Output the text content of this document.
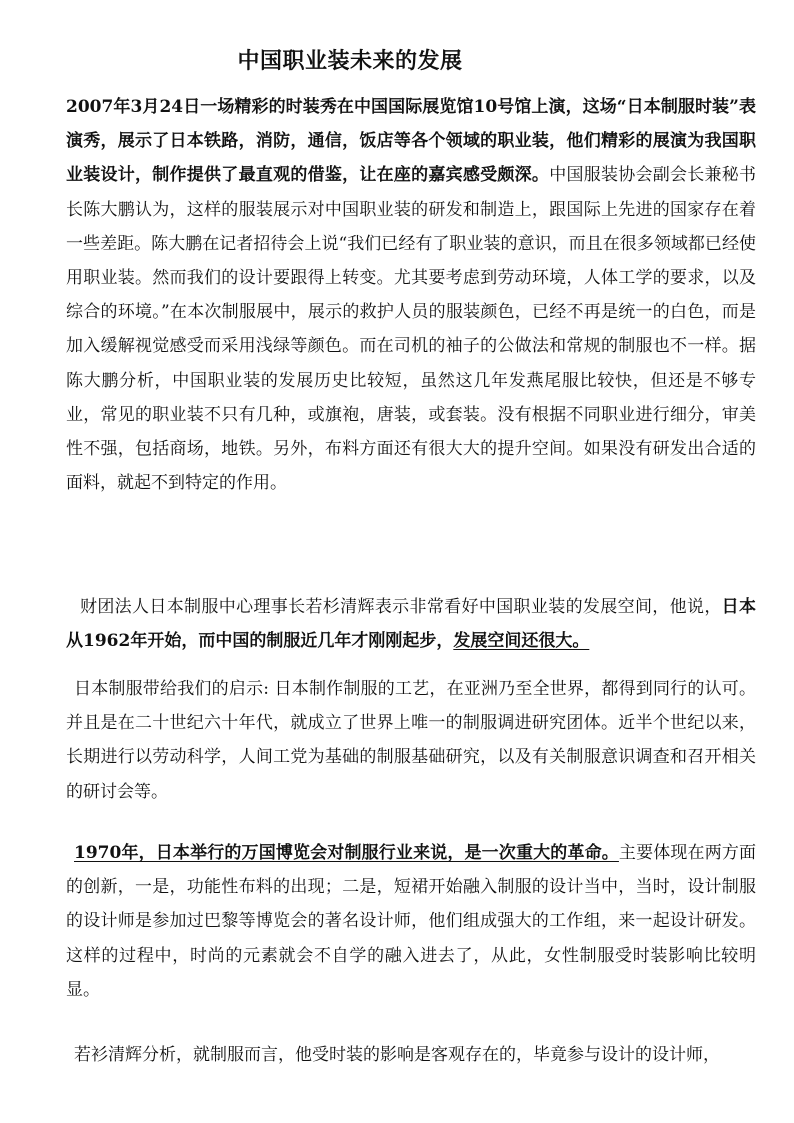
中国职业装未来的发展

2007年3月24日一场精彩的时装秀在中国国际展览馆10号馆上演，这场“日本制服时装”表演秀，展示了日本铁路，消防，通信，饭店等各个领域的职业装，他们精彩的展演为我国职业装设计，制作提供了最直观的借鉴，让在座的嘉宾感受颇深。中国服装协会副会长兼秘书长陈大鹏认为，这样的服装展示对中国职业装的研发和制造上，跟国际上先进的国家存在着一些差距。陈大鹏在记者招待会上说“我们已经有了职业装的意识，而且在很多领域都已经使用职业装。然而我们的设计要跟得上转变。尤其要考虑到劳动环境，人体工学的要求，以及综合的环境。”在本次制服展中，展示的救护人员的服装颜色，已经不再是统一的白色，而是加入缓解视觉感受而采用浅绿等颜色。而在司机的袖子的公做法和常规的制服也不一样。据陈大鹏分析，中国职业装的发展历史比较短，虽然这几年发燕尾服比较快，但还是不够专业，常见的职业装不只有几种，或旗袍，唐装，或套装。没有根据不同职业进行细分，审美性不强，包括商场，地铁。另外，布料方面还有很大大的提升空间。如果没有研发出合适的面料，就起不到特定的作用。

财团法人日本制服中心理事长若杉清辉表示非常看好中国职业装的发展空间，他说，日本从1962年开始，而中国的制服近几年才刚刚起步，发展空间还很大。

日本制服带给我们的启示: 日本制作制服的工艺，在亚洲乃至全世界，都得到同行的认可。并且是在二十世纪六十年代，就成立了世界上唯一的制服调进研究团体。近半个世纪以来，长期进行以劳动科学，人间工党为基础的制服基础研究，以及有关制服意识调查和召开相关的研讨会等。

1970年，日本举行的万国博览会对制服行业来说，是一次重大的革命。主要体现在两方面的创新，一是，功能性布料的出现；二是，短裙开始融入制服的设计当中，当时，设计制服的设计师是参加过巴黎等博览会的著名设计师，他们组成强大的工作组，来一起设计研发。这样的过程中，时尚的元素就会不自学的融入进去了，从此，女性制服受时装影响比较明显。

若衫清辉分析，就制服而言，他受时装的影响是客观存在的，毕竟参与设计的设计师，
